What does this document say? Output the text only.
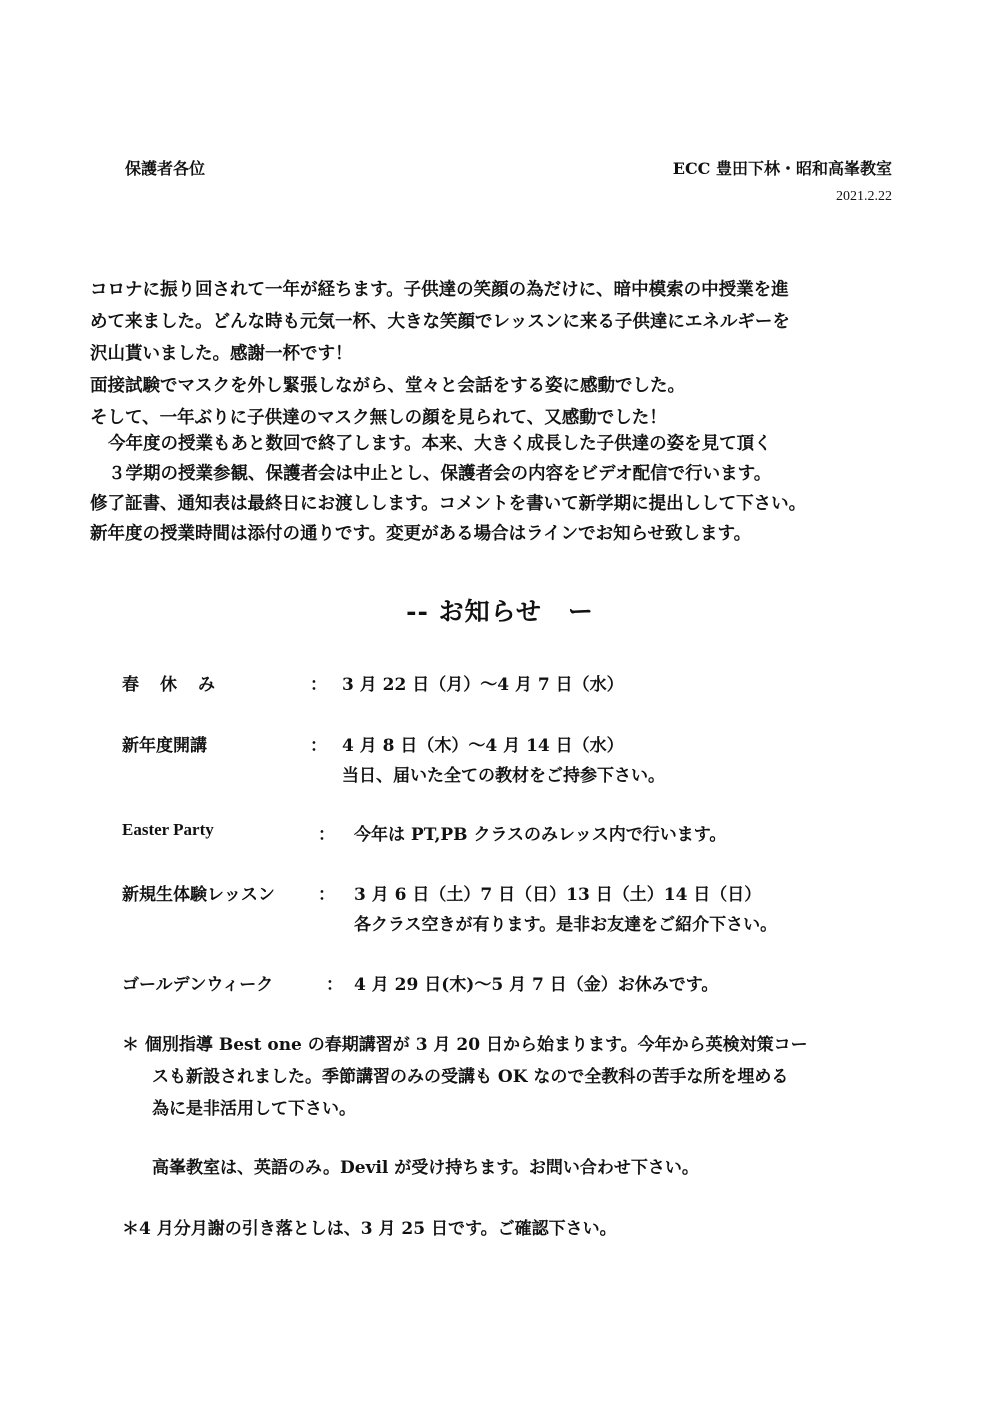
保護者各位	ECC 豊田下林・昭和高峯教室
2021.2.22
コロナに振り回されて一年が経ちます。子供達の笑顔の為だけに、暗中模索の中授業を進
めて来ました。どんな時も元気一杯、大きな笑顔でレッスンに来る子供達にエネルギーを
沢山貰いました。感謝一杯です！
面接試験でマスクを外し緊張しながら、堂々と会話をする姿に感動でした。
そして、一年ぶりに子供達のマスク無しの顔を見られて、又感動でした！
今年度の授業もあと数回で終了します。本来、大きく成長した子供達の姿を見て頂く
３学期の授業参観、保護者会は中止とし、保護者会の内容をビデオ配信で行います。
修了証書、通知表は最終日にお渡しします。コメントを書いて新学期に提出しして下さい。
新年度の授業時間は添付の通りです。変更がある場合はラインでお知らせ致します。
-- お知らせ　ー
春　休　み	： 3 月 22 日（月）～4 月 7 日（水）
新年度開講	： 4 月 8 日（木）～4 月 14 日（水）
当日、届いた全ての教材をご持参下さい。
Easter Party	： 今年は PT,PB クラスのみレッス内で行います。
新規生体験レッスン	： 3 月 6 日（土）7 日（日）13 日（土）14 日（日）
各クラス空きが有ります。是非お友達をご紹介下さい。
ゴールデンウィーク	： 4 月 29 日(木)～5 月 7 日（金）お休みです。
＊ 個別指導 Best one の春期講習が 3 月 20 日から始まります。今年から英検対策コー
スも新設されました。季節講習のみの受講も OK なので全教科の苦手な所を埋める
為に是非活用して下さい。
高峯教室は、英語のみ。Devil が受け持ちます。お問い合わせ下さい。
＊4 月分月謝の引き落としは、3 月 25 日です。ご確認下さい。
